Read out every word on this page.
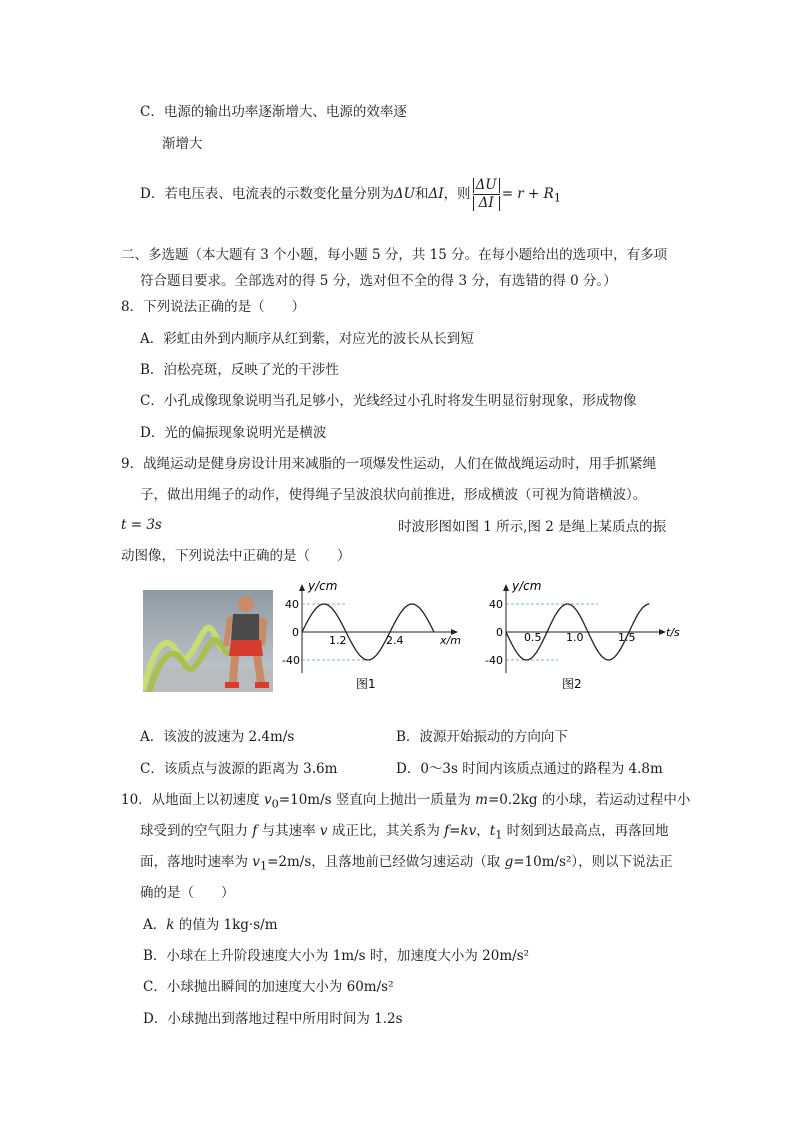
C．电源的输出功率逐渐增大、电源的效率逐
渐增大
D．若电压表、电流表的示数变化量分别为ΔU和ΔI，则 $\frac{\Delta U}{\Delta I} = r + R_1$
二、多选题（本大题有 3 个小题，每小题 5 分，共 15 分。在每小题给出的选项中，有多项
符合题目要求。全部选对的得 5 分，选对但不全的得 3 分，有选错的得 0 分。）
8．下列说法正确的是（　　）
A．彩虹由外到内顺序从红到紫，对应光的波长从长到短
B．泊松亮斑，反映了光的干涉性
C．小孔成像现象说明当孔足够小，光线经过小孔时将发生明显衍射现象，形成物像
D．光的偏振现象说明光是横波
9．战绳运动是健身房设计用来减脂的一项爆发性运动，人们在做战绳运动时，用手抓紧绳
子，做出用绳子的动作，使得绳子呈波浪状向前推进，形成横波（可视为简谐横波）。
t = 3s	时波形图如图 1 所示,图 2 是绳上某质点的振
动图像，下列说法中正确的是（　　）
y/cm
40
0
-40
1.2	2.4	x/m
图1
y/cm
40
0
-40
0.5 1.0	1.5	t/s
图2
A．该波的波速为 2.4m/s	B．波源开始振动的方向向下
C．该质点与波源的距离为 3.6m	D．0～3s 时间内该质点通过的路程为 4.8m
10．从地面上以初速度 $v_0=10m/s$ 竖直向上抛出一质量为 m=0.2kg 的小球，若运动过程中小
球受到的空气阻力 f 与其速率 v 成正比，其关系为 f=kv，$t_1$ 时刻到达最高点，再落回地
面，落地时速率为 $v_1=2m/s$，且落地前已经做匀速运动（取 g=10m/s²），则以下说法正
确的是（　　）
A．k 的值为 1kg·s/m
B．小球在上升阶段速度大小为 1m/s 时，加速度大小为 20m/s²
C．小球抛出瞬间的加速度大小为 60m/s²
D．小球抛出到落地过程中所用时间为 1.2s
